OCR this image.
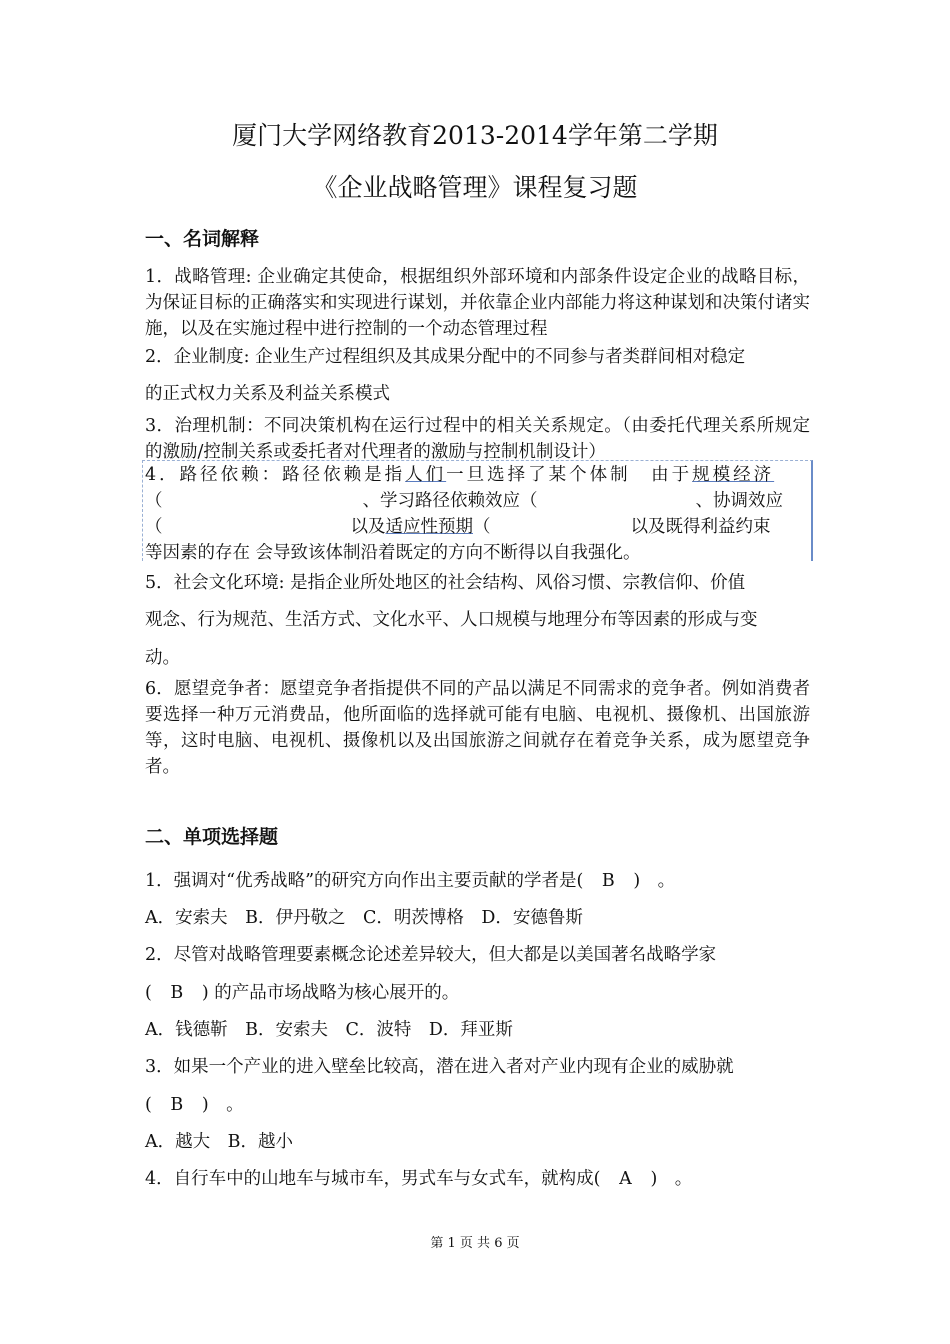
厦门大学网络教育2013-2014学年第二学期
《企业战略管理》课程复习题
一、名词解释
1．战略管理: 企业确定其使命，根据组织外部环境和内部条件设定企业的战略目标，为保证目标的正确落实和实现进行谋划，并依靠企业内部能力将这种谋划和决策付诸实施，以及在实施过程中进行控制的一个动态管理过程
2．企业制度: 企业生产过程组织及其成果分配中的不同参与者类群间相对稳定
的正式权力关系及利益关系模式
3．治理机制：不同决策机构在运行过程中的相关关系规定。（由委托代理关系所规定的激励/控制关系或委托者对代理者的激励与控制机制设计）
4．路径依赖：路径依赖是指人们一旦选择了某个体制　由于规模经济
（	、学习路径依赖效应（	、协调效应
（	以及适应性预期（	以及既得利益约束
等因素的存在 会导致该体制沿着既定的方向不断得以自我强化。
5．社会文化环境: 是指企业所处地区的社会结构、风俗习惯、宗教信仰、价值
观念、行为规范、生活方式、文化水平、人口规模与地理分布等因素的形成与变
动。
6．愿望竞争者：愿望竞争者指提供不同的产品以满足不同需求的竞争者。例如消费者要选择一种万元消费品，他所面临的选择就可能有电脑、电视机、摄像机、出国旅游等，这时电脑、电视机、摄像机以及出国旅游之间就存在着竞争关系，成为愿望竞争者。
二、单项选择题
1．强调对“优秀战略”的研究方向作出主要贡献的学者是( B )　。
A．安索夫　B．伊丹敬之　C．明茨博格　D．安德鲁斯
2．尽管对战略管理要素概念论述差异较大，但大都是以美国著名战略学家
( B ) 的产品市场战略为核心展开的。
A．钱德靳　B．安索夫　C．波特　D．拜亚斯
3．如果一个产业的进入壁垒比较高，潜在进入者对产业内现有企业的威胁就
( B )　。
A．越大　B．越小
4．自行车中的山地车与城市车，男式车与女式车，就构成( A )　。
第 1 页 共 6 页
